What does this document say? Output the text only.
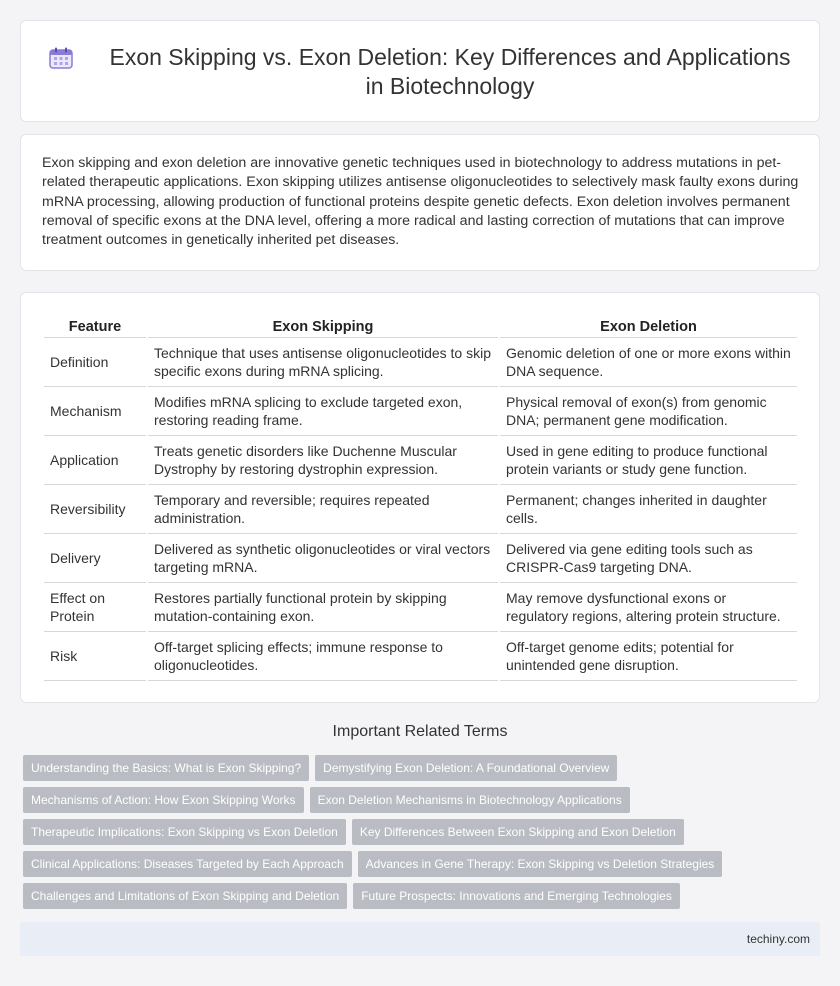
Exon Skipping vs. Exon Deletion: Key Differences and Applications in Biotechnology

Exon skipping and exon deletion are innovative genetic techniques used in biotechnology to address mutations in pet-related therapeutic applications. Exon skipping utilizes antisense oligonucleotides to selectively mask faulty exons during mRNA processing, allowing production of functional proteins despite genetic defects. Exon deletion involves permanent removal of specific exons at the DNA level, offering a more radical and lasting correction of mutations that can improve treatment outcomes in genetically inherited pet diseases.

Feature	Exon Skipping	Exon Deletion
Definition	Technique that uses antisense oligonucleotides to skip specific exons during mRNA splicing.	Genomic deletion of one or more exons within DNA sequence.
Mechanism	Modifies mRNA splicing to exclude targeted exon, restoring reading frame.	Physical removal of exon(s) from genomic DNA; permanent gene modification.
Application	Treats genetic disorders like Duchenne Muscular Dystrophy by restoring dystrophin expression.	Used in gene editing to produce functional protein variants or study gene function.
Reversibility	Temporary and reversible; requires repeated administration.	Permanent; changes inherited in daughter cells.
Delivery	Delivered as synthetic oligonucleotides or viral vectors targeting mRNA.	Delivered via gene editing tools such as CRISPR-Cas9 targeting DNA.
Effect on Protein	Restores partially functional protein by skipping mutation-containing exon.	May remove dysfunctional exons or regulatory regions, altering protein structure.
Risk	Off-target splicing effects; immune response to oligonucleotides.	Off-target genome edits; potential for unintended gene disruption.
Important Related Terms
Understanding the Basics: What is Exon Skipping?	Demystifying Exon Deletion: A Foundational Overview
Mechanisms of Action: How Exon Skipping Works	Exon Deletion Mechanisms in Biotechnology Applications
Therapeutic Implications: Exon Skipping vs Exon Deletion	Key Differences Between Exon Skipping and Exon Deletion
Clinical Applications: Diseases Targeted by Each Approach	Advances in Gene Therapy: Exon Skipping vs Deletion Strategies
Challenges and Limitations of Exon Skipping and Deletion	Future Prospects: Innovations and Emerging Technologies
techiny.com
